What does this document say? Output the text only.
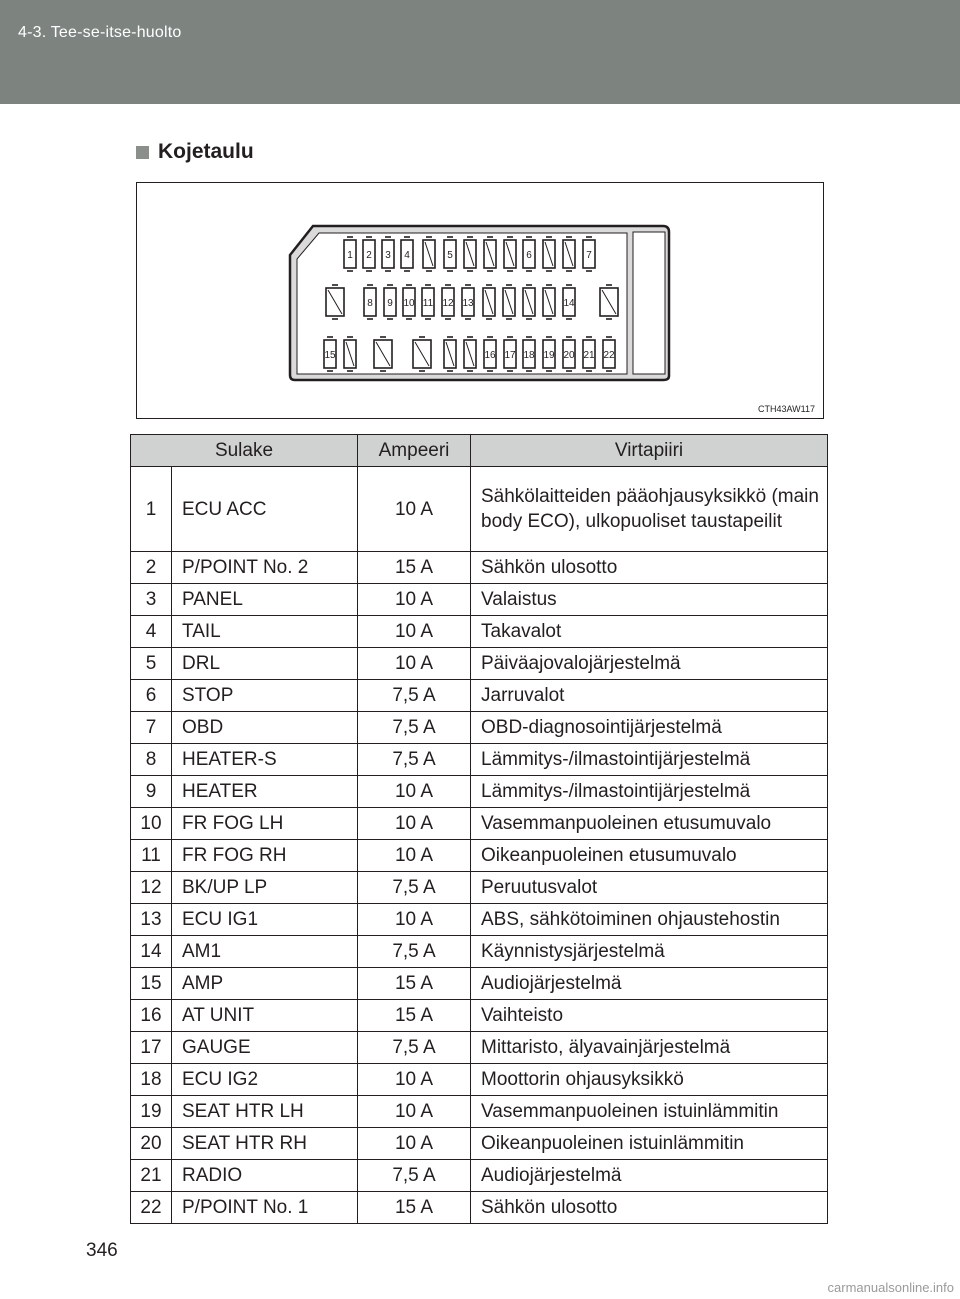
4-3. Tee-se-itse-huolto
Kojetaulu
1 2 3 4	5	6	7
8 9 10 11 12 13	14
15	16 17 18 19 20 21 22
CTH43AW117
Sulake		Ampeeri	Virtapiiri
1	ECU ACC	10 A	Sähkölaitteiden pääohjausyksikkö (main body ECO), ulkopuoliset taustapeilit
2	P/POINT No. 2	15 A	Sähkön ulosotto
3	PANEL	10 A	Valaistus
4	TAIL	10 A	Takavalot
5	DRL	10 A	Päiväajovalojärjestelmä
6	STOP	7,5 A	Jarruvalot
7	OBD	7,5 A	OBD-diagnosointijärjestelmä
8	HEATER-S	7,5 A	Lämmitys-/ilmastointijärjestelmä
9	HEATER	10 A	Lämmitys-/ilmastointijärjestelmä
10	FR FOG LH	10 A	Vasemmanpuoleinen etusumuvalo
11	FR FOG RH	10 A	Oikeanpuoleinen etusumuvalo
12	BK/UP LP	7,5 A	Peruutusvalot
13	ECU IG1	10 A	ABS, sähkötoiminen ohjaustehostin
14	AM1	7,5 A	Käynnistysjärjestelmä
15	AMP	15 A	Audiojärjestelmä
16	AT UNIT	15 A	Vaihteisto
17	GAUGE	7,5 A	Mittaristo, älyavainjärjestelmä
18	ECU IG2	10 A	Moottorin ohjausyksikkö
19	SEAT HTR LH	10 A	Vasemmanpuoleinen istuinlämmitin
20	SEAT HTR RH	10 A	Oikeanpuoleinen istuinlämmitin
21	RADIO	7,5 A	Audiojärjestelmä
22	P/POINT No. 1	15 A	Sähkön ulosotto
346
carmanualsonline.info
